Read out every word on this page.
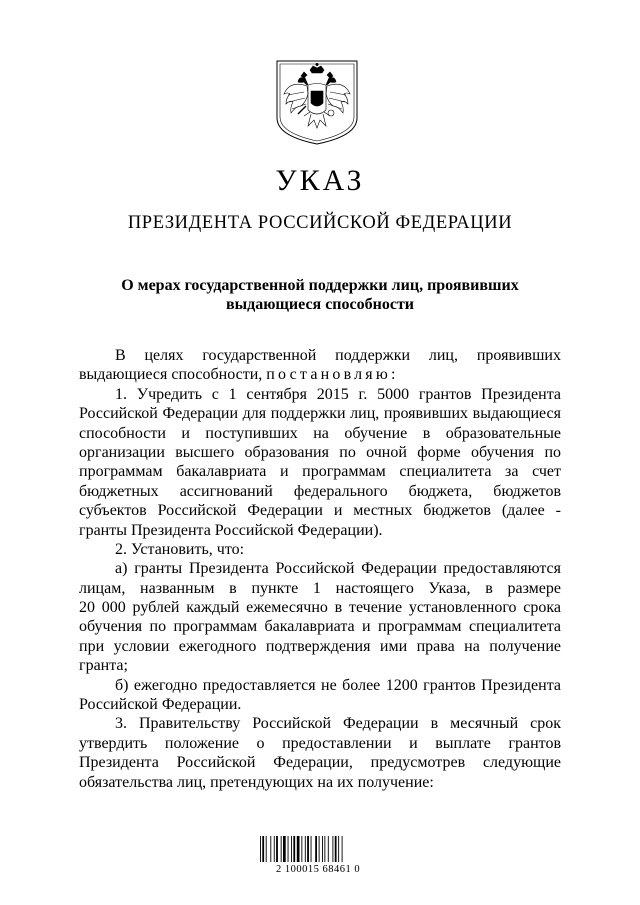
УКАЗ
ПРЕЗИДЕНТА РОССИЙСКОЙ ФЕДЕРАЦИИ
О мерах государственной поддержки лиц, проявивших
выдающиеся способности
В целях государственной поддержки лиц, проявивших
выдающиеся способности, постановляю:
1. Учредить с 1 сентября 2015 г. 5000 грантов Президента
Российской Федерации для поддержки лиц, проявивших выдающиеся
способности и поступивших на обучение в образовательные
организации высшего образования по очной форме обучения по
программам бакалавриата и программам специалитета за счет
бюджетных ассигнований федерального бюджета, бюджетов
субъектов Российской Федерации и местных бюджетов (далее -
гранты Президента Российской Федерации).
2. Установить, что:
а) гранты Президента Российской Федерации предоставляются
лицам, названным в пункте 1 настоящего Указа, в размере
20 000 рублей каждый ежемесячно в течение установленного срока
обучения по программам бакалавриата и программам специалитета
при условии ежегодного подтверждения ими права на получение
гранта;
б) ежегодно предоставляется не более 1200 грантов Президента
Российской Федерации.
3. Правительству Российской Федерации в месячный срок
утвердить положение о предоставлении и выплате грантов
Президента Российской Федерации, предусмотрев следующие
обязательства лиц, претендующих на их получение:
2 100015 68461 0
